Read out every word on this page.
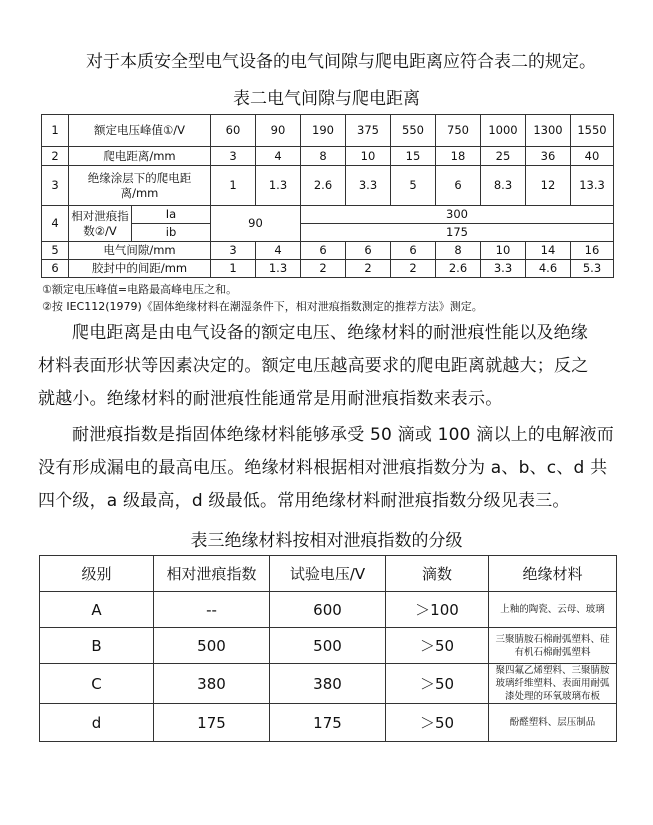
对于本质安全型电气设备的电气间隙与爬电距离应符合表二的规定。
表二电气间隙与爬电距离
1	额定电压峰值①/V		60	90	190	375	550	750	1000	1300	1550
2	爬电距离/mm		3	4	8	10	15	18	25	36	40
3	绝缘涂层下的爬电距离/mm		1	1.3	2.6	3.3	5	6	8.3	12	13.3
4	相对泄痕指数②/V	Ia	90		300						
		ib			175						
5	电气间隙/mm		3	4	6	6	6	8	10	14	16
6	胶封中的间距/mm		1	1.3	2	2	2	2.6	3.3	4.6	5.3
①额定电压峰值=电路最高峰电压之和。
②按 IEC112(1979)《固体绝缘材料在潮湿条件下，相对泄痕指数测定的推荐方法》测定。
爬电距离是由电气设备的额定电压、绝缘材料的耐泄痕性能以及绝缘
材料表面形状等因素决定的。额定电压越高要求的爬电距离就越大；反之
就越小。绝缘材料的耐泄痕性能通常是用耐泄痕指数来表示。
耐泄痕指数是指固体绝缘材料能够承受 50 滴或 100 滴以上的电解液而
没有形成漏电的最高电压。绝缘材料根据相对泄痕指数分为 a、b、c、d 共
四个级，a 级最高，d 级最低。常用绝缘材料耐泄痕指数分级见表三。
表三绝缘材料按相对泄痕指数的分级
级别	相对泄痕指数	试验电压/V	滴数	绝缘材料
A	--	600	＞100	上釉的陶瓷、云母、玻璃
B	500	500	＞50	三聚腈胺石棉耐弧塑料、硅有机石棉耐弧塑料
C	380	380	＞50	聚四氟乙烯塑料、三聚腈胺玻璃纤维塑料、表面用耐弧漆处理的环氧玻璃布板
d	175	175	＞50	酚醛塑料、层压制品
